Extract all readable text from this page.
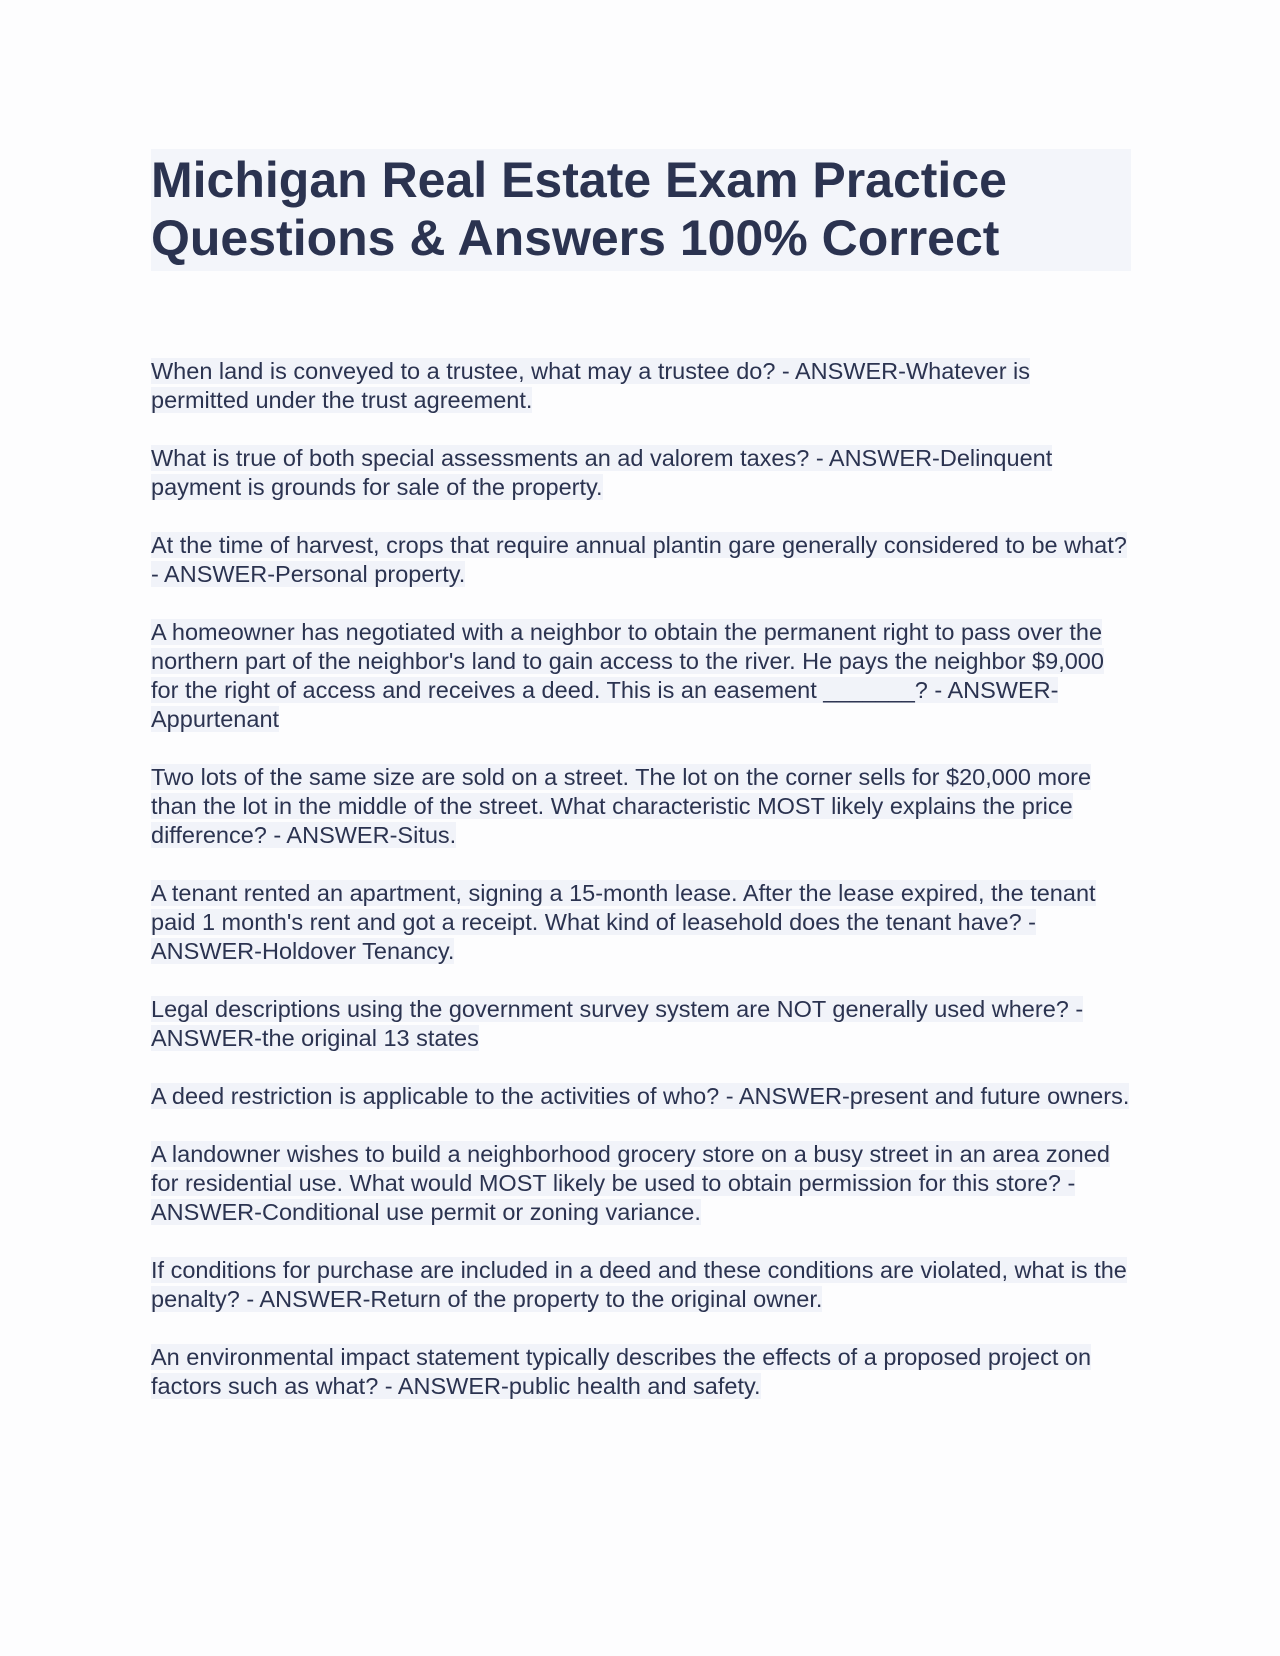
Michigan Real Estate Exam Practice Questions & Answers 100% Correct

When land is conveyed to a trustee, what may a trustee do? - ANSWER-Whatever is permitted under the trust agreement.

What is true of both special assessments an ad valorem taxes? - ANSWER-Delinquent payment is grounds for sale of the property.

At the time of harvest, crops that require annual plantin gare generally considered to be what? - ANSWER-Personal property.

A homeowner has negotiated with a neighbor to obtain the permanent right to pass over the northern part of the neighbor's land to gain access to the river. He pays the neighbor $9,000 for the right of access and receives a deed. This is an easement _______? - ANSWER-Appurtenant

Two lots of the same size are sold on a street. The lot on the corner sells for $20,000 more than the lot in the middle of the street. What characteristic MOST likely explains the price difference? - ANSWER-Situs.

A tenant rented an apartment, signing a 15-month lease. After the lease expired, the tenant paid 1 month's rent and got a receipt. What kind of leasehold does the tenant have? - ANSWER-Holdover Tenancy.

Legal descriptions using the government survey system are NOT generally used where? - ANSWER-the original 13 states

A deed restriction is applicable to the activities of who? - ANSWER-present and future owners.

A landowner wishes to build a neighborhood grocery store on a busy street in an area zoned for residential use. What would MOST likely be used to obtain permission for this store? - ANSWER-Conditional use permit or zoning variance.

If conditions for purchase are included in a deed and these conditions are violated, what is the penalty? - ANSWER-Return of the property to the original owner.

An environmental impact statement typically describes the effects of a proposed project on factors such as what? - ANSWER-public health and safety.
